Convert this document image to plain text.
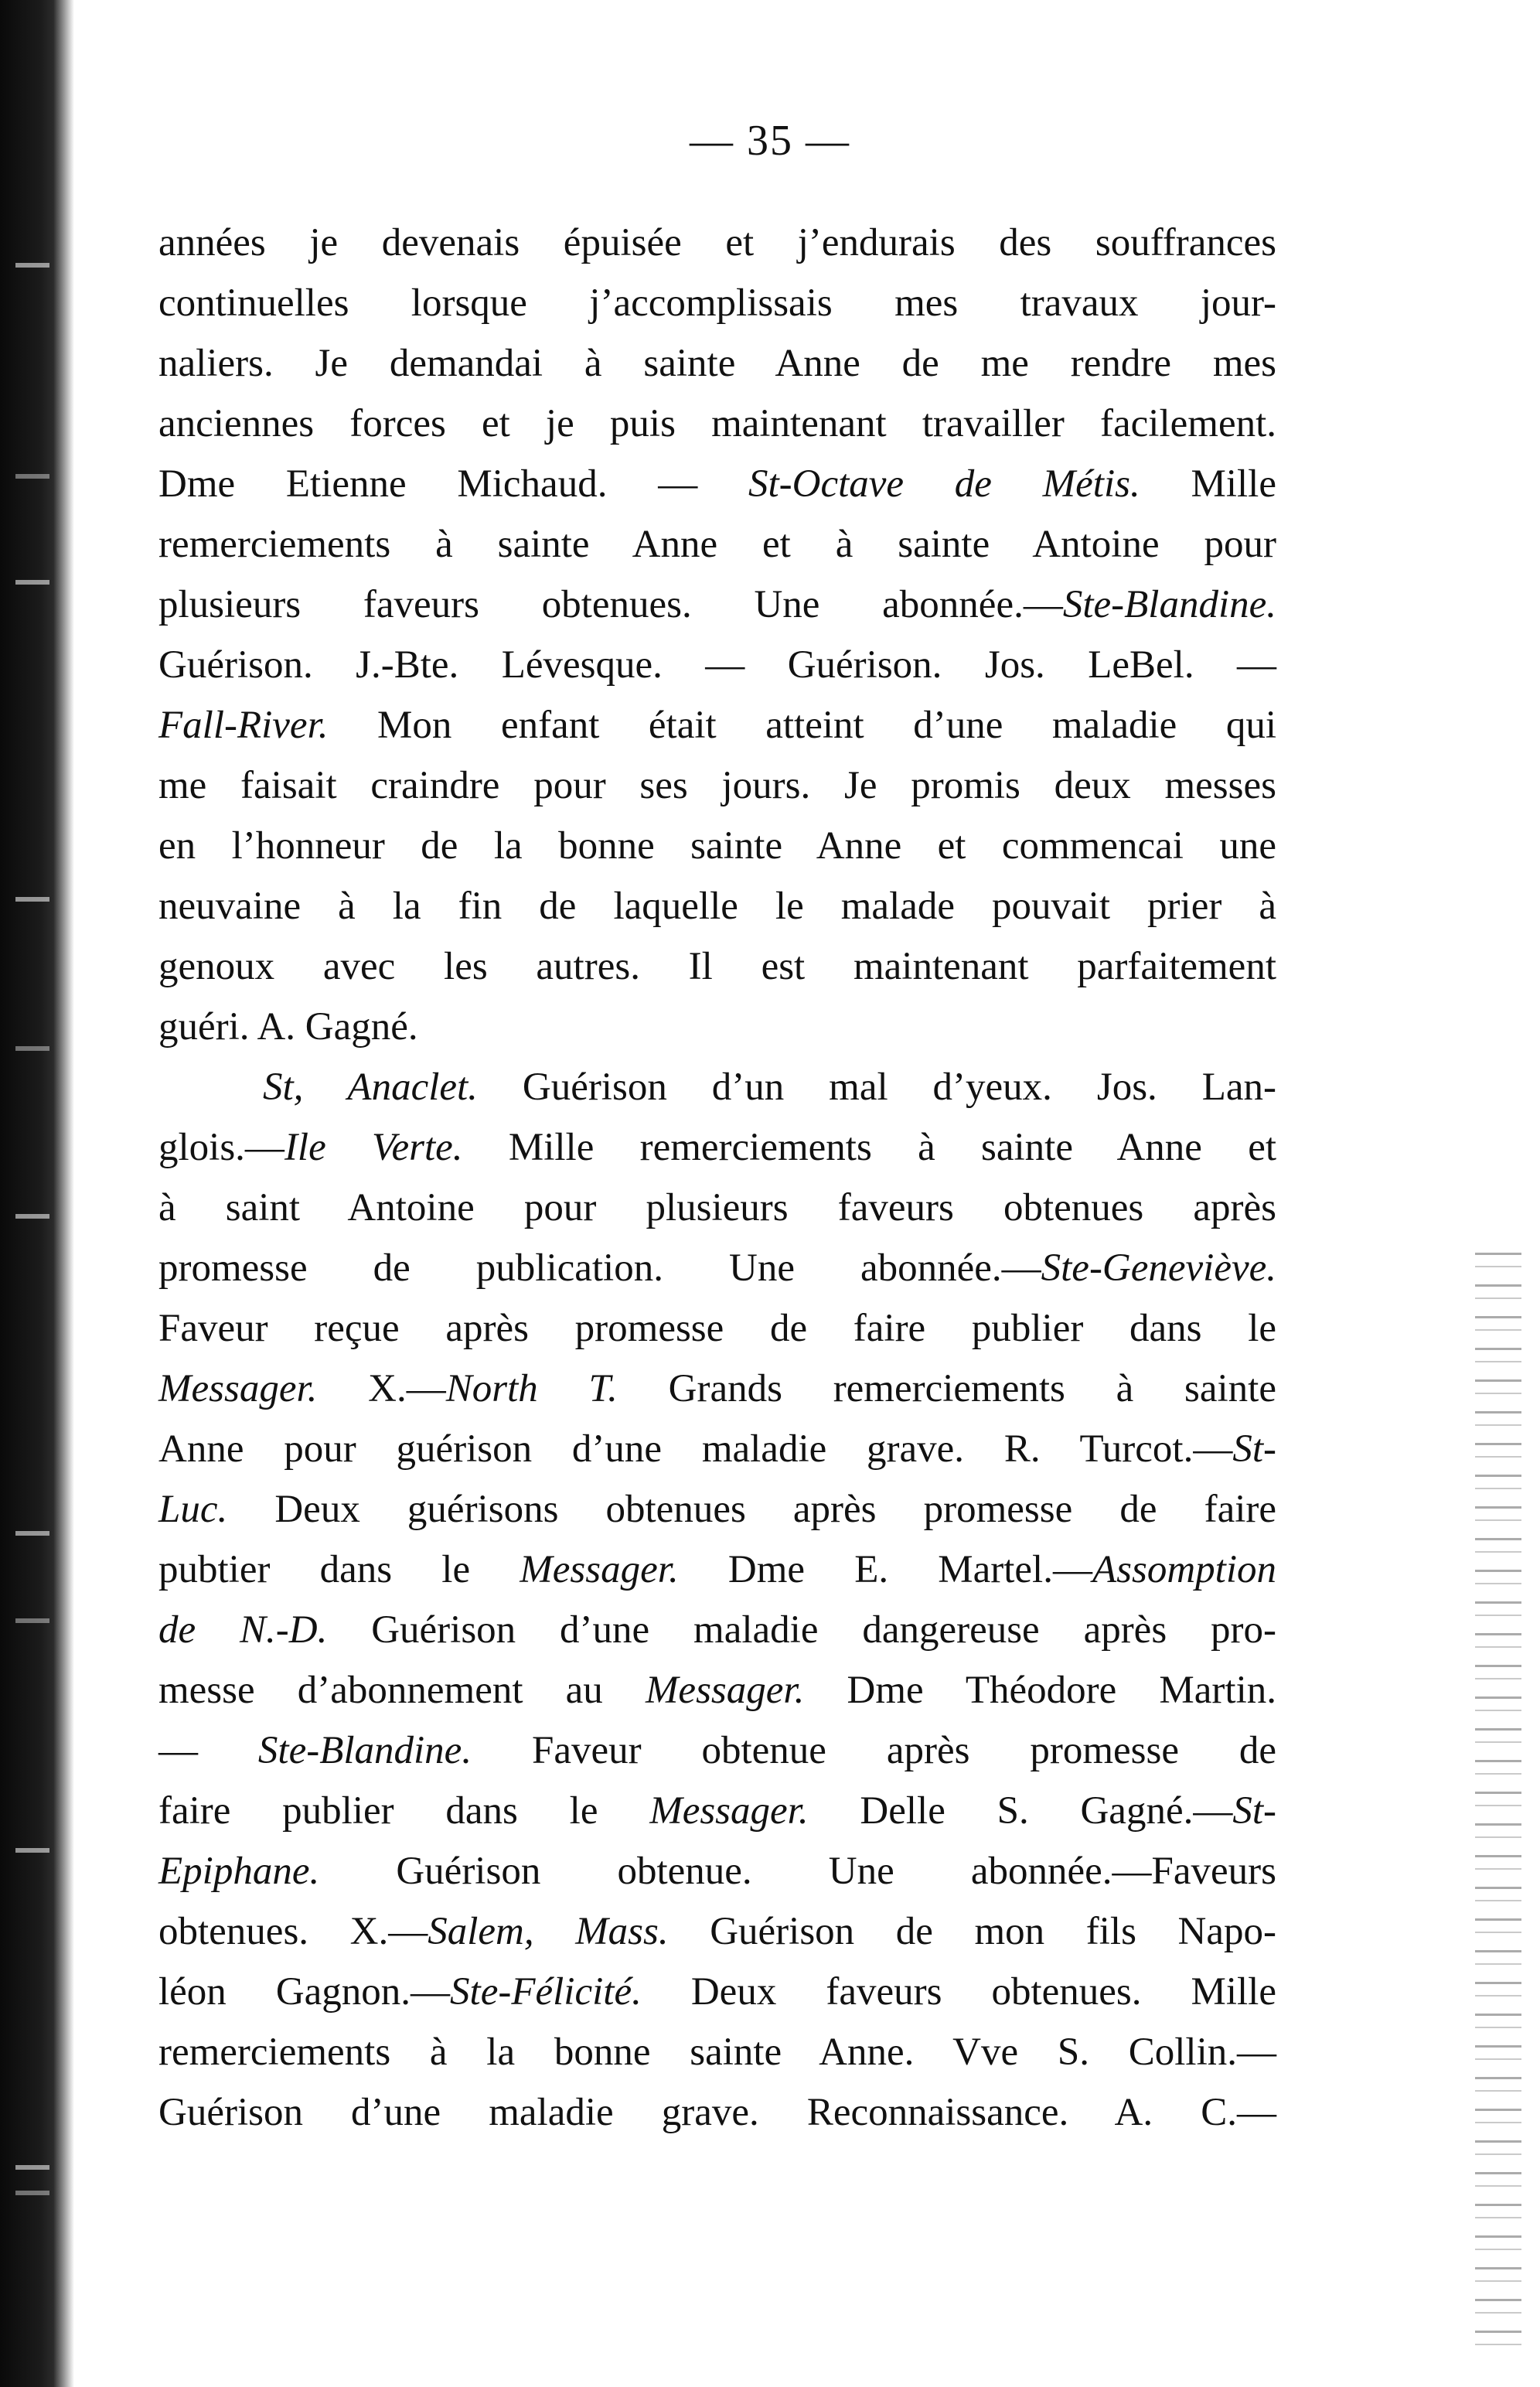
— 35 —
années je devenais épuisée et j’endurais des souffrances
continuelles lorsque j’accomplissais mes travaux jour-
naliers. Je demandai à sainte Anne de me rendre mes
anciennes forces et je puis maintenant travailler facilement.
Dme Etienne Michaud. — St-Octave de Métis. Mille
remerciements à sainte Anne et à sainte Antoine pour
plusieurs faveurs obtenues. Une abonnée.—Ste-Blandine.
Guérison. J.-Bte. Lévesque. — Guérison. Jos. LeBel. —
Fall-River. Mon enfant était atteint d’une maladie qui
me faisait craindre pour ses jours. Je promis deux messes
en l’honneur de la bonne sainte Anne et commencai une
neuvaine à la fin de laquelle le malade pouvait prier à
genoux avec les autres. Il est maintenant parfaitement
guéri. A. Gagné.
St, Anaclet. Guérison d’un mal d’yeux. Jos. Lan-
glois.—Ile Verte. Mille remerciements à sainte Anne et
à saint Antoine pour plusieurs faveurs obtenues après
promesse de publication. Une abonnée.—Ste-Geneviève.
Faveur reçue après promesse de faire publier dans le
Messager. X.—North T. Grands remerciements à sainte
Anne pour guérison d’une maladie grave. R. Turcot.—St-
Luc. Deux guérisons obtenues après promesse de faire
pubtier dans le Messager. Dme E. Martel.—Assomption
de N.-D. Guérison d’une maladie dangereuse après pro-
messe d’abonnement au Messager. Dme Théodore Martin.
— Ste-Blandine. Faveur obtenue après promesse de
faire publier dans le Messager. Delle S. Gagné.—St-
Epiphane. Guérison obtenue. Une abonnée.—Faveurs
obtenues. X.—Salem, Mass. Guérison de mon fils Napo-
léon Gagnon.—Ste-Félicité. Deux faveurs obtenues. Mille
remerciements à la bonne sainte Anne. Vve S. Collin.—
Guérison d’une maladie grave. Reconnaissance. A. C.—
